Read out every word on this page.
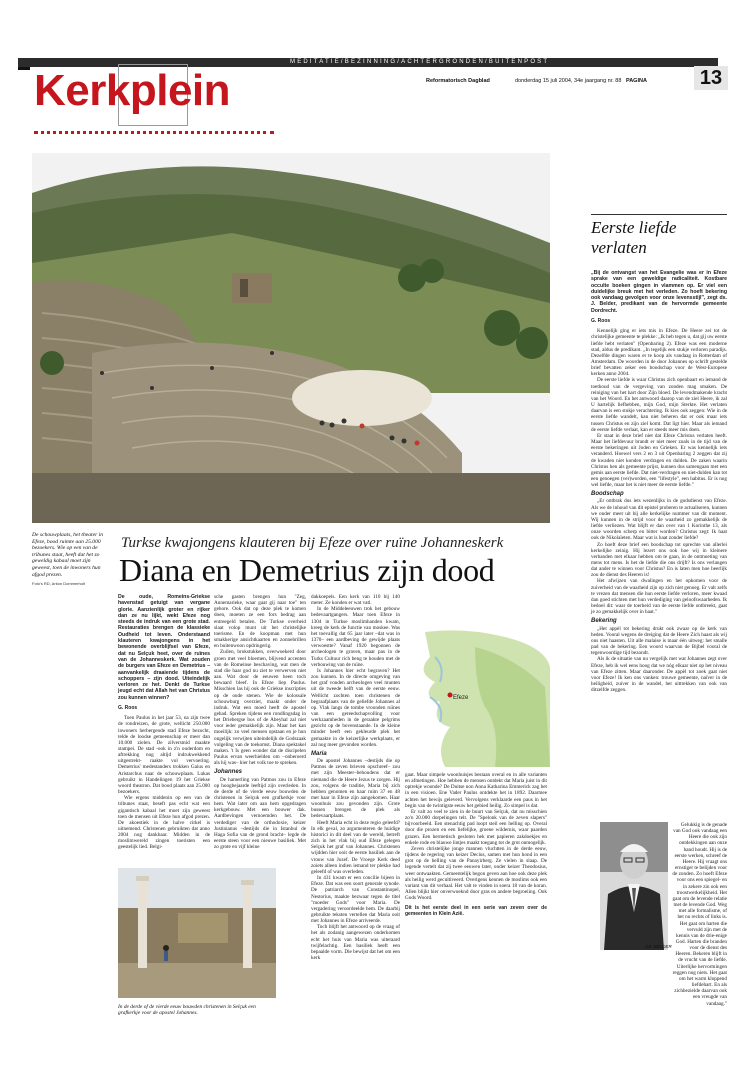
MEDITATIE/BEZINNING/ACHTERGRONDEN/BUITENPOST
Kerkplein	Reformatorisch Dagblad	donderdag 15 juli 2004, 34e jaargang nr. 88 PAGINA	13
De schouwplaats, het theater in Efeze, bood ruimte aan 25.000 bezoekers. Wie op een van de tribunes staat, heeft dat het zo geweldig kabaal moet zijn geweest, toen de inwoners hun afgod prezen.
Foto's RD, Anton Dommerholt
Turkse kwajongens klauteren bij Efeze over ruïne Johanneskerk
Diana en Demetrius zijn dood

De oude, Romeins-Griekse havenstad getuigt van vergane glorie. Aanzienlijk groter en rijker dan ze nu lijkt, wekt Efeze nog steeds de indruk van een grote stad. Restauraties brengen de klassieke Oudheid tot leven. Onderstaand klauteren kwajongens in het bewonende overblijfsel van Efeze, dat nu Selçuk heet, over de ruïnes van de Johanneskerk. Wat zouden de burgers van Efeze en Demetrius – aanvankelijk draaiende tijdens de schoppers – zijn dood. Uiteindelijk verloren ze het. Denkt de Turkse jeugd echt dat Allah het van Christus zou kunnen winnen?

G. Roos

Toen Paulus in het jaar 53, na zijn twee de rondreizen, de grote, wellicht 250.000 inwoners herbergende stad Efeze bezocht, telde de loodse gemeenschap er meer dan 10.000 zielen. De zilversmid maakte stampei. De stad -ook in z'n ouderdom en aftrekking nog altijd indrukwekkend uitgestrekt- raakte vol vervoering. Demetrius' medestanders trokken Gaius en Aristarchus naar de schouwplaats. Lukas gebruikt in Handelingen 19 het Griekse woord theatron. Dat bood plaats aan 25.000 bezoekers.

Wie ergens middenin op een van de tribunes staat, beseft pas echt wat een gigantisch kabaal het moet zijn geweest toen de mensen uit Efeze hun afgod prezen. De akoestiek in de halve cirkel is uitnemend. Christenen gebruikten dat anno 2004 nog dankbaar. Midden in de moslimwereld zingen toeristen een geestelijk lied. Belgi-

sche gasten brengen hun "Zeg, Annemarieke, waar gaat gij naar toe" ten gehore. Ook dat op deze plek te komen doen, moeten ze een fors bedrag aan entreegeld betalen. De Turkse overheid slaat volop munt uit het christelijke toerisme. En de koopman met hun smakkerige ansichtkaarten en zonnebrillen en buitenwoon opdringerig.

Zuilen, brokstukken, overwoekerd door groen met veel bloemen, blijvend accenten van de Romeinse beschaving, wat men de stad die haar god nu ziet te verwerven niet aan. Wat door de eeuwen heen toch bewaard bleef. In Efeze liep Paulus. Misschien las hij ook de Griekse inscripties op de oude stenen. Wie de kolossale schouwburg overziet, maakt onder de indruk. Wat een moed heeft de apostel gehad. Spreken tijdens een rondlingsdag in het Driebergse bos of de Abeyhal zal niet voor ieder gemakkelijk zijn. Maar het kan moeilijk: zo veel mensen opstaan en je hun ongelijk verwijten uiteindelijk de Godszaak volgeling van de toekomst. Diana spektakel maken. 't Is geen wonder dat de discipelen Paulus ervan weerhielden om –onberoerd als hij was– hier het volk toe te spreken.

Johannes

De hamerling van Patmos zou in Efeze op hoogbejaarde leeftijd zijn overleden. In de derde of de vierde eeuw bouwden de christenen in Selçuk een grafkerkje voor hem. Wat later om aan hem opgedragen kerkgebouw. Met een bouwer dak. Aardbevingen vernoemden het. De verdediger van de orthodoxie, keizer Justinianus –destijds die in Istanbul de Haga Sofia van de grond bracht– legde de eerste steen voor een nieuwe basiliek. Met zo grote en vijf kleine

dakkoepels. Een kerk van 110 bij 140 meter. Ze konden er wat vatl.

In de Middeleeuwen trok het gebouw bedevaartgangers. Maar toen Efeze in 1304 in Turkse moslimhanden kwam, kreeg de kerk de functie van moskee. Was het toevallig dat 65 jaar later –dat was in 1370– een aardbeving de gewijde plaats verwoestte? Vanaf 1920 begonnen de archeologen te graven, maar pas in de Turks Cultuur rich beng te houden met de verbouwing van de ruïne.

Is Johannes hier echt begraven? Het zou kunnen. In de directe omgeving van het graf vonden archeologen veel munten uit de tweede helft van de eerste eeuw. Wellicht zochten toen christenen de begraafplaats van de geliefde Johannes al op. Vlak langs de tombe vroonden ruïnes van een gereedschapvolling voor werkzaamheden in de geraakte pelgrims gezicht op de bovenstaande. In de kleine minder heeft een gekleurde plek het gemaakte in de keizerlijke werkplaats, er zal nog meer gevonden worden.

Maria

De apostel Johannes –destijds die op Patmos de zeven brieven opschreef– zou met zijn Meester–behoudens dat er niemand die de Heere Jezus te zorgen. Hij zou, volgens de traditie, Maria bij zich hebben genomen en haar ruim 37 en 48 met haar in Efeze zijn aangekomen. Haar woonhuis zou gevonden zijn. Grote bussen brengen de plek als bedevaartplaats.

Heeft Maria echt in deze regio geleefd? In elk geval, zo argumenteren de huidige historici in dit deel van de wereld, betreft zich in het vlak bij oud Efeze gelegen Selçuk het graf van Johannes. Christenen wijdden hier ooit de eerste basiliek aan de vrouw van Jozef. De Vroege Kerk deed zoiets alleen indien iemand ter plekke had geleefd of was overleden.

In 431 kwam er een concilie bijeen in Efeze. Dat was een soort generale synode. De patriarch van Constantinopel, Nestorius, maakte bezwaar tegen de titel "moeder Gods" voor Maria. De vergadering veroordeelde hem. De daarbij gebruikte teksten vertellen dat Maria ooit met Johannes in Efeze arriveerde.

Toch blijft het antwoord op de vraag of het als zodanig aangewezen onderkomen echt het huis van Maria was uiteraard twijfelachtig. Een basiliek heeft een bepaalde vorm. Die bewijst dat het om een kerk

Efeze

gaat. Maar simpele woonhuisjes bestaan overal en in alle varianten en afmetingen. Hoe hebben de mensen ontdekt dat Maria juist in dit optrekje woonde? De Duitse non Anna Katharina Emmerick zag het in een visioen. Ene Vader Paulus ontdekte het in 1892. Daarmee achten het bewijs geleverd. Vervolgens verklaarde een paus in het begin van de twintigste eeuw het gebied heilig. Zo simpel is dat.

Er valt zo veel te zien in de buurt van Selçuk, dat nu misschien zo'n 20.000 dorpelingen telt. De "Spelonk van de zeven slapers" bijvoorbeeld. Een stenachtig pad loopt steil een helling op. Overal door die prozen en een liefelijke, groene wildernis, waar paarden grazen. Een hermetisch gesloten hek met papieren zakdoekjes en enkele rode en blauwe lintjes maakt toegang tot de grot onmogelijk.

Zeven christelijke jonge mannen vluchtten in de derde eeuw, tijdens de regering van keizer Decius, samen met hun hond in een grot op de helling van de Panayirberg. Ze vielen in slaap. De legende vertelt dat zij twee eeuwen later, onder keizer Theodosius, weer ontwaakten. Gemeentelijk begon geven aan hoe ook deze plek als heilig werd gecultiveerd. Overigens kennen de moslims ook een variant van dit verhaal. Het valt te vinden in soera 18 van de koran. Allen blijkt hier onverwoeknd door gras en andere begroeiing. Ook Gods Woord.

Dit is het eerste deel in een serie van zeven over de gemeenten in Klein Azië.

In de derde of de vierde eeuw bouwden christenen in Selçuk een grafkerkje voor de apostel Johannes.
Eerste liefde
verlaten

„Bij de ontvangst van het Evangelie was er in Efeze sprake van een geweldige radicaliteit. Kostbare occulte boeken gingen in vlammen op. Er viel een duidelijke breuk met het verleden. Zo hoeft bekering ook vandaag gevolgen voor onze levensstijl", zegt ds. J. Belder, predikant van de hervormde gemeente Dordrecht.

G. Roos

Kennelijk ging er iets mis in Efeze. De Heere zei tot de christelijke gemeente te plekke: „Ik heb tegen u, dat gij uw eerste liefde hebt verlaten" (Openbaring 2). Efeze was een moderne stad, aldus de predikant. „In tegelijk een stukje verloren paradijs. Dezelfde dingen waren er te koop als vandaag in Rotterdam of Amsterdam. De woorden in de door Johannes op schrift gestelde brief bevatten zeker een boodschap voor de West-Europese kerken anno 2004.

De eerste liefde is waar Christus zich openbaart en iemand de toethoud van de vergeving van zonden mag smaken. De reiniging van het hart door Zijn bloed. De levendmakende kracht van het Woord. En het antwoord daarop van de ziel Heere, ik zal U hartelijk liefhebben, mijn God, mijn Sterkte. Het verlaten daarvan is een stukje verachtering. Ik kies ook zeggen: Wie in de eerste liefde wandelt, kan niet beheren dat er ook maar iets tussen Christus en zijn ziel komt. Dat ligt hier. Maar als iemand de eerste liefde verlaat, kan er steeds meer mis doen.

Er staat in deze brief niet dat Efeze Christus verlaten heeft. Maar het liefdevuur brandt er niet meer zoals in de tijd van de eerste bekeringen uit Joden en Grieken. Er was kennelijk iets veranderd. Hoewel vers 2 en 3 uit Openbaring 2 zeggen dat zij de kwaden niet konden verdragen en dulden. De zaken waarin Christus hen als gemeente prijst, kunnen dus samengaan met een gemis aan eerste liefde. Dat niet-verdragen en niet-dulden kan tot een genoegen (ver)worden, een "lifestyle", een habitus. Er is nog wel liefde, maar het is niet meer de eerste liefde."

Boodschap

„Er ontbrak dus iets wezenlijks in de godsdienst van Efeze. Als we de inhoud van dit epistel proberen te actualiseren, kunnen we onder meer uit bij alle kerkelijke nummer van dit moment. Wij kunnen in de strijd voor de waarheid zo gemakkelijk de liefde verliezen. Wat blijft er dan over van 1 Korinthe 13, als onze woorden scherp en bitter worden? Christus zegt: Ik haat ook de Nikolaïeten. Maar wat is haat zonder liefde?

Zo hoeft deze brief een boodschap tot oprechte van allerlei kerkelijke zeinig. Hij lezert ons ook hoe wij in kleinere verbanden met elkaar hebben om te gaan, in de ontmoeting van mens tot mens. Is het de liefde die ons drijft? Is ons verlangen dat ander te winnen voor Christus? En is laten men hoe heerlijk zou de dienst des Heeren is!

Het afwijzen van dwalingen en het opkomen voor de zuiverheid van de waarheid zijn op zich niet genoeg. Er valt zelfs te vrezen dat mensen die hun eerste liefde verloren, meer kwaad dan goed stichten met hun verdediging van geloofswaarheden. Ik bedoel dit: waar de toerheid van de eerste liefde ontbreekt, gaat je zo gemakkelijk over in haat."

Bekering

„Het appèl tot bekering drukt ook zwaar op de kerk van heden. Vooral wegens de dreiging dat de Heere Zich haast als wij ons niet haasten. Uit alle malaise is maar één uitweg: het smalle pad van de bekering. Een woord waarvan de Bijbel vooral de tegenwoordige tijd bezondt.

Als ik de situatie van nu vergelijk met wat Johannes zegt over Efeze, heb ik wel eens hoog dat we nóg elkaar niet op het niveau van Efeze zitten. Maar daaronder. De appèl tot zoek gaat niet voor Efeze! Ik ken ons vanken: trouwe gemeente, naïver in de heiligheid, zuiver in de wandel, het uittrekken van ook van ditzelfde zeggen.

Gelukkig is de genade van God ook vandaag een Heere die ook zijn ontdekkingen aan onze hand houdt. Hij is de eerste werken, schreef de Heere. Hij vraagt ons ernstiger te belijden voor de zonden. Zo hoeft Efeze voor ons een spiegel- en in zekere zin ook een troostwerkelijkheid. Het gaat om de levende relatie met de levende God. Weg met alle formalisme, of het nu rechts of links is. Het gaat om harten die vervuld zijn met de kennis van de drie-enige God. Harten die branden voor de dienst des Heeren. Bekeren blijft in de vrucht van de liefde. Uiterlijke hervormingen reggen nog niets. Het gaat om het warm kloppend liefdehart. En als zichbezielde daarvan ook een vreugde van vandaag."

DS. BELDER
